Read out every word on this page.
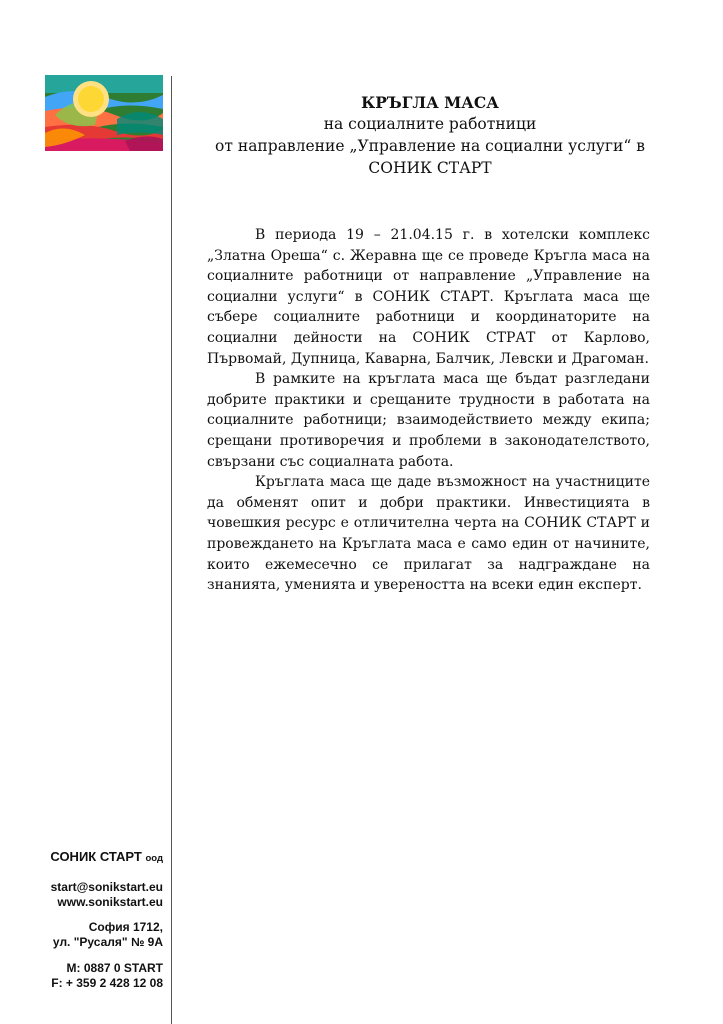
КРЪГЛА МАСА
на социалните работници
от направление „Управление на социални услуги“ в
СОНИК СТАРТ

В периода 19 – 21.04.15 г. в хотелски комплекс „Златна Ореша“ с. Жеравна ще се проведе Кръгла маса на социалните работници от направление „Управление на социални услуги“ в СОНИК СТАРТ. Кръглата маса ще събере социалните работници и координаторите на социални дейности на СОНИК СТРАТ от Карлово, Първомай, Дупница, Каварна, Балчик, Левски и Драгоман.

В рамките на кръглата маса ще бъдат разгледани добрите практики и срещаните трудности в работата на социалните работници; взаимодействието между екипа; срещани противоречия и проблеми в законодателството, свързани със социалната работа.

Кръглата маса ще даде възможност на участниците да обменят опит и добри практики. Инвестицията в човешкия ресурс е отличителна черта на СОНИК СТАРТ и провеждането на Кръглата маса е само един от начините, които ежемесечно се прилагат за надграждане на знанията, уменията и увереността на всеки един експерт.

СОНИК СТАРТ оод
start@sonikstart.eu
www.sonikstart.eu
София 1712,
ул. "Русаля" № 9А
M: 0887 0 START
F: + 359 2 428 12 08
